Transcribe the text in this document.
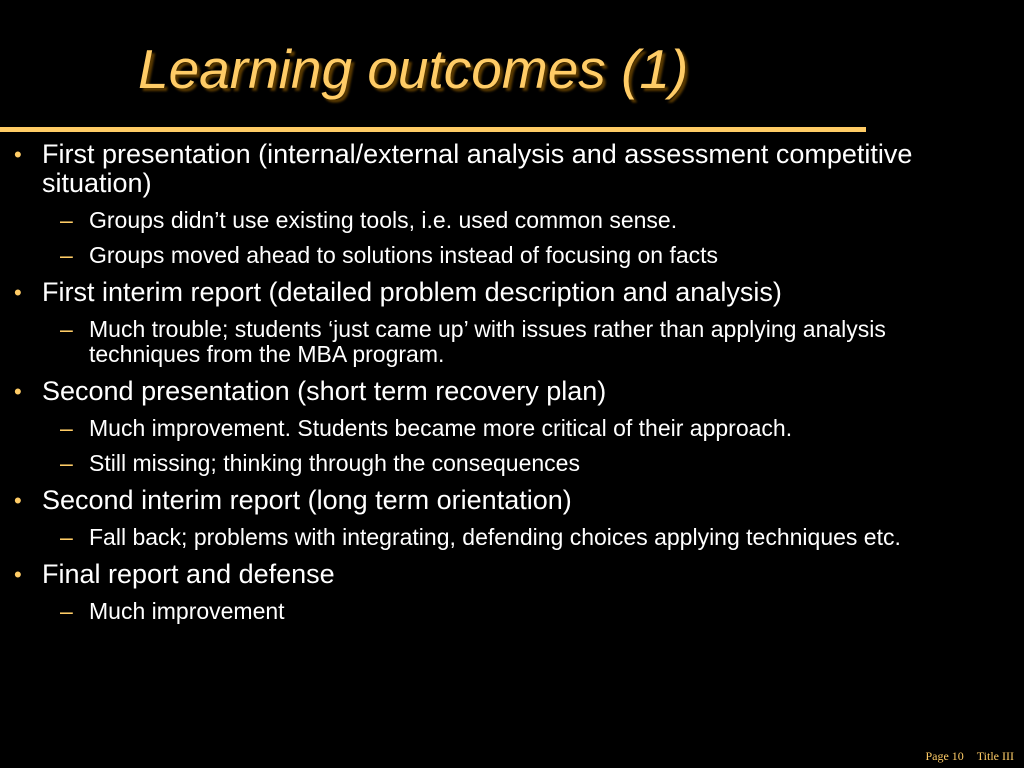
Learning outcomes (1)
• First presentation (internal/external analysis and assessment competitive situation)
– Groups didn’t use existing tools, i.e. used common sense.
– Groups moved ahead to solutions instead of focusing on facts
• First interim report (detailed problem description and analysis)
– Much trouble; students ‘just came up’ with issues rather than applying analysis techniques from the MBA program.
• Second presentation (short term recovery plan)
– Much improvement. Students became more critical of their approach.
– Still missing; thinking through the consequences
• Second interim report (long term orientation)
– Fall back; problems with integrating, defending choices applying techniques etc.
• Final report and defense
– Much improvement
Page 10 Title III
